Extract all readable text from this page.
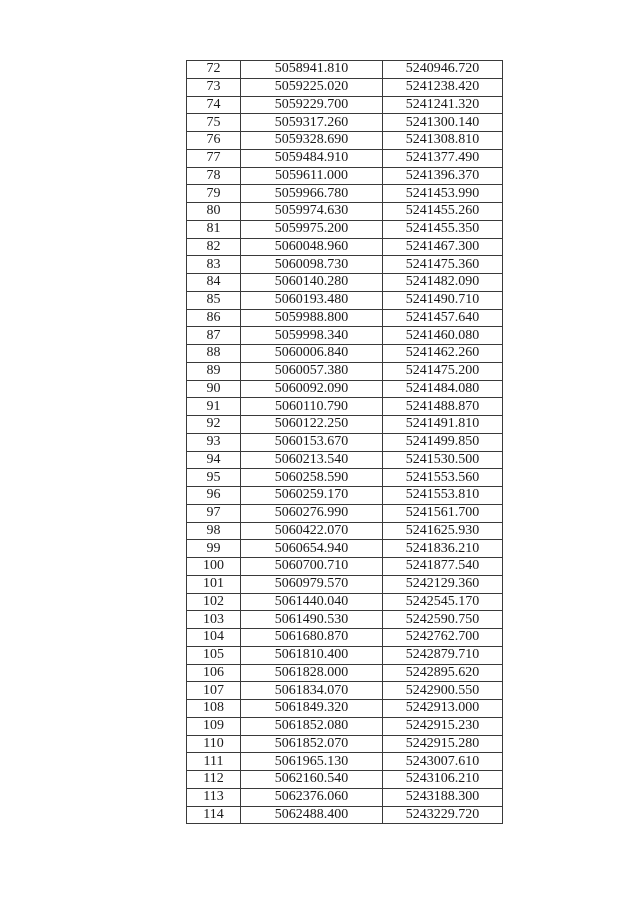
72	5058941.810	5240946.720
73	5059225.020	5241238.420
74	5059229.700	5241241.320
75	5059317.260	5241300.140
76	5059328.690	5241308.810
77	5059484.910	5241377.490
78	5059611.000	5241396.370
79	5059966.780	5241453.990
80	5059974.630	5241455.260
81	5059975.200	5241455.350
82	5060048.960	5241467.300
83	5060098.730	5241475.360
84	5060140.280	5241482.090
85	5060193.480	5241490.710
86	5059988.800	5241457.640
87	5059998.340	5241460.080
88	5060006.840	5241462.260
89	5060057.380	5241475.200
90	5060092.090	5241484.080
91	5060110.790	5241488.870
92	5060122.250	5241491.810
93	5060153.670	5241499.850
94	5060213.540	5241530.500
95	5060258.590	5241553.560
96	5060259.170	5241553.810
97	5060276.990	5241561.700
98	5060422.070	5241625.930
99	5060654.940	5241836.210
100	5060700.710	5241877.540
101	5060979.570	5242129.360
102	5061440.040	5242545.170
103	5061490.530	5242590.750
104	5061680.870	5242762.700
105	5061810.400	5242879.710
106	5061828.000	5242895.620
107	5061834.070	5242900.550
108	5061849.320	5242913.000
109	5061852.080	5242915.230
110	5061852.070	5242915.280
111	5061965.130	5243007.610
112	5062160.540	5243106.210
113	5062376.060	5243188.300
114	5062488.400	5243229.720
